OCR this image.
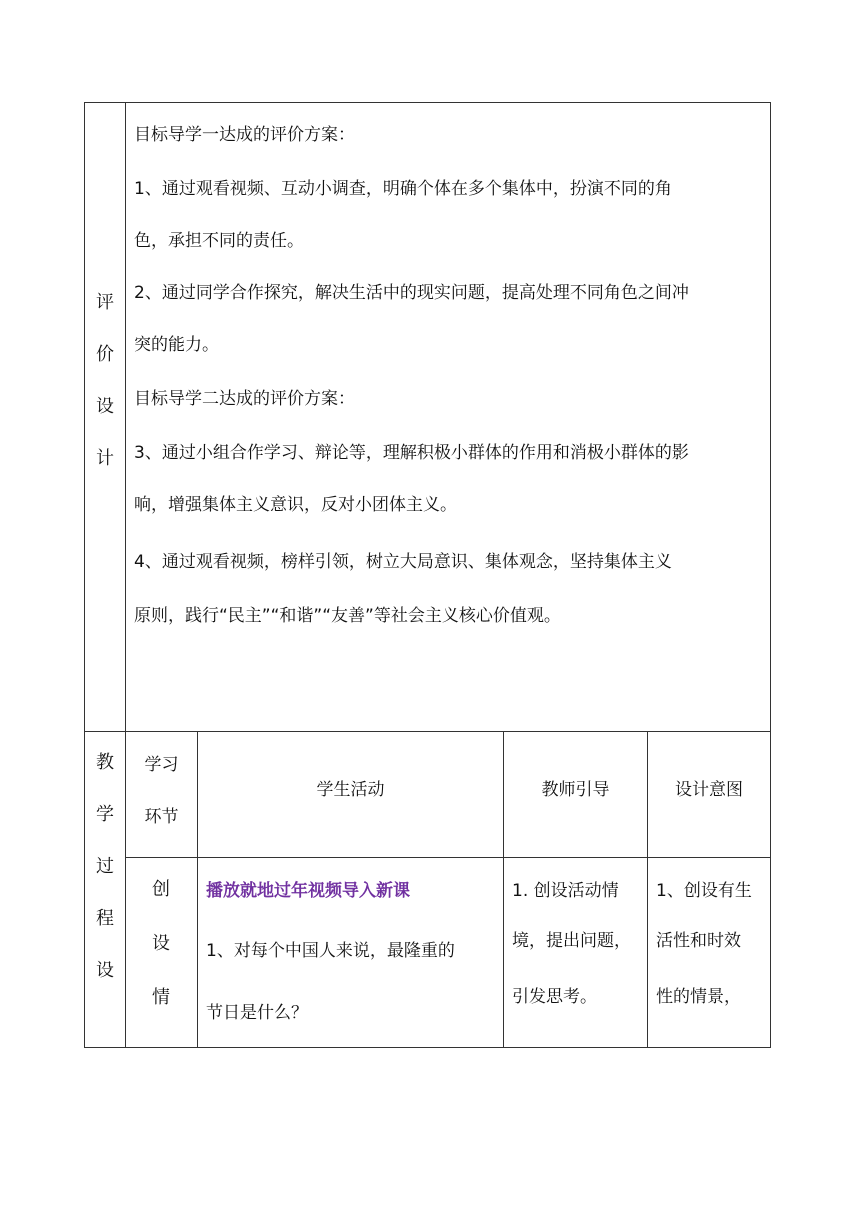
评
价
设
计
目标导学一达成的评价方案：
1、通过观看视频、互动小调查，明确个体在多个集体中，扮演不同的角
色，承担不同的责任。
2、通过同学合作探究，解决生活中的现实问题，提高处理不同角色之间冲
突的能力。
目标导学二达成的评价方案：
3、通过小组合作学习、辩论等，理解积极小群体的作用和消极小群体的影
响，增强集体主义意识，反对小团体主义。
4、通过观看视频，榜样引领，树立大局意识、集体观念，坚持集体主义
原则，践行“民主”“和谐”“友善”等社会主义核心价值观。
教
学
过
程
设
学习
环节
学生活动	教师引导	设计意图
创
设
情
播放就地过年视频导入新课
1、对每个中国人来说，最隆重的
节日是什么？
1. 创设活动情
境，提出问题，
引发思考。
1、创设有生
活性和时效
性的情景，
